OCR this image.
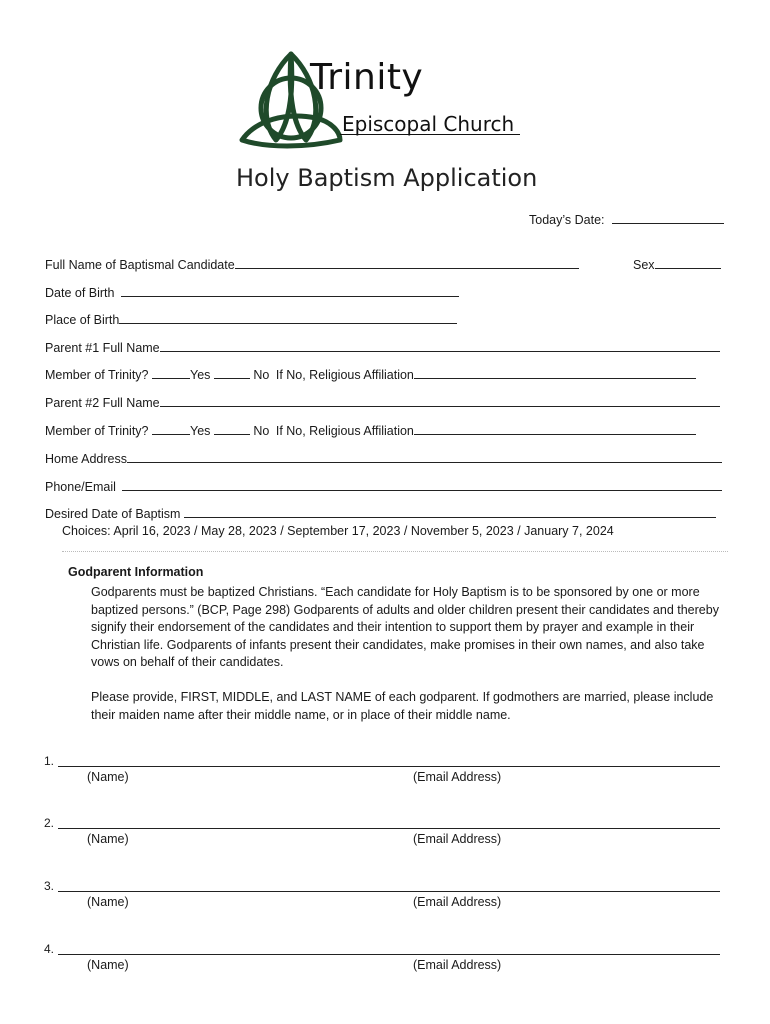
Trinity
Episcopal Church
Holy Baptism Application
Today’s Date:
Full Name of Baptismal Candidate	Sex
Date of Birth
Place of Birth
Parent #1 Full Name
Member of Trinity?	Yes	No If No, Religious Affiliation
Parent #2 Full Name
Member of Trinity?	Yes	No If No, Religious Affiliation
Home Address
Phone/Email
Desired Date of Baptism
Choices: April 16, 2023 / May 28, 2023 / September 17, 2023 / November 5, 2023 / January 7, 2024
Godparent Information
Godparents must be baptized Christians. “Each candidate for Holy Baptism is to be sponsored by one or more baptized persons.” (BCP, Page 298) Godparents of adults and older children present their candidates and thereby signify their endorsement of the candidates and their intention to support them by prayer and example in their Christian life. Godparents of infants present their candidates, make promises in their own names, and also take vows on behalf of their candidates.
Please provide, FIRST, MIDDLE, and LAST NAME of each godparent. If godmothers are married, please include their maiden name after their middle name, or in place of their middle name.
1.
(Name)	(Email Address)
2.
(Name)	(Email Address)
3.
(Name)	(Email Address)
4.
(Name)	(Email Address)
